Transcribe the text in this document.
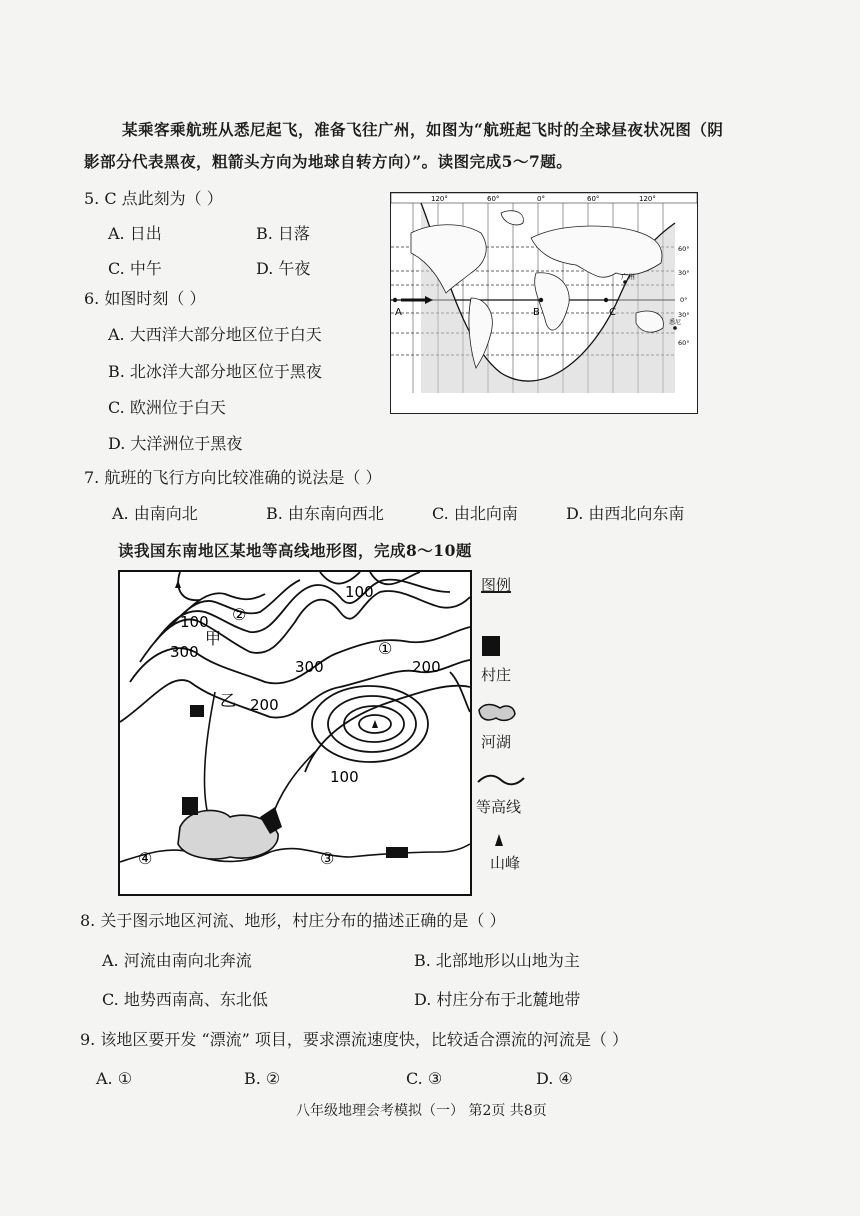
某乘客乘航班从悉尼起飞，准备飞往广州，如图为“航班起飞时的全球昼夜状况图（阴
影部分代表黑夜，粗箭头方向为地球自转方向）”。读图完成5～7题。
5. C 点此刻为（ ）
A. 日出	B. 日落
C. 中午	D. 午夜
6. 如图时刻（ ）
A. 大西洋大部分地区位于白天
B. 北冰洋大部分地区位于黑夜
C. 欧洲位于白天
D. 大洋洲位于黑夜
120°	60°	0°	60°	120°
A	B	C
广州
悉尼
60°
30°
0°
30°
60°
7. 航班的飞行方向比较准确的说法是（ ）
A. 由南向北	B. 由东南向西北	C. 由北向南	D. 由西北向东南
读我国东南地区某地等高线地形图，完成8～10题
100
100
300
300
200
200
100
甲
乙
①
②
③
④
图例
村庄
河湖
等高线
山峰
8. 关于图示地区河流、地形，村庄分布的描述正确的是（ ）
A. 河流由南向北奔流	B. 北部地形以山地为主
C. 地势西南高、东北低	D. 村庄分布于北麓地带
9. 该地区要开发 “漂流” 项目，要求漂流速度快，比较适合漂流的河流是（ ）
A. ①	B. ②	C. ③	D. ④
八年级地理会考模拟（一） 第2页 共8页
